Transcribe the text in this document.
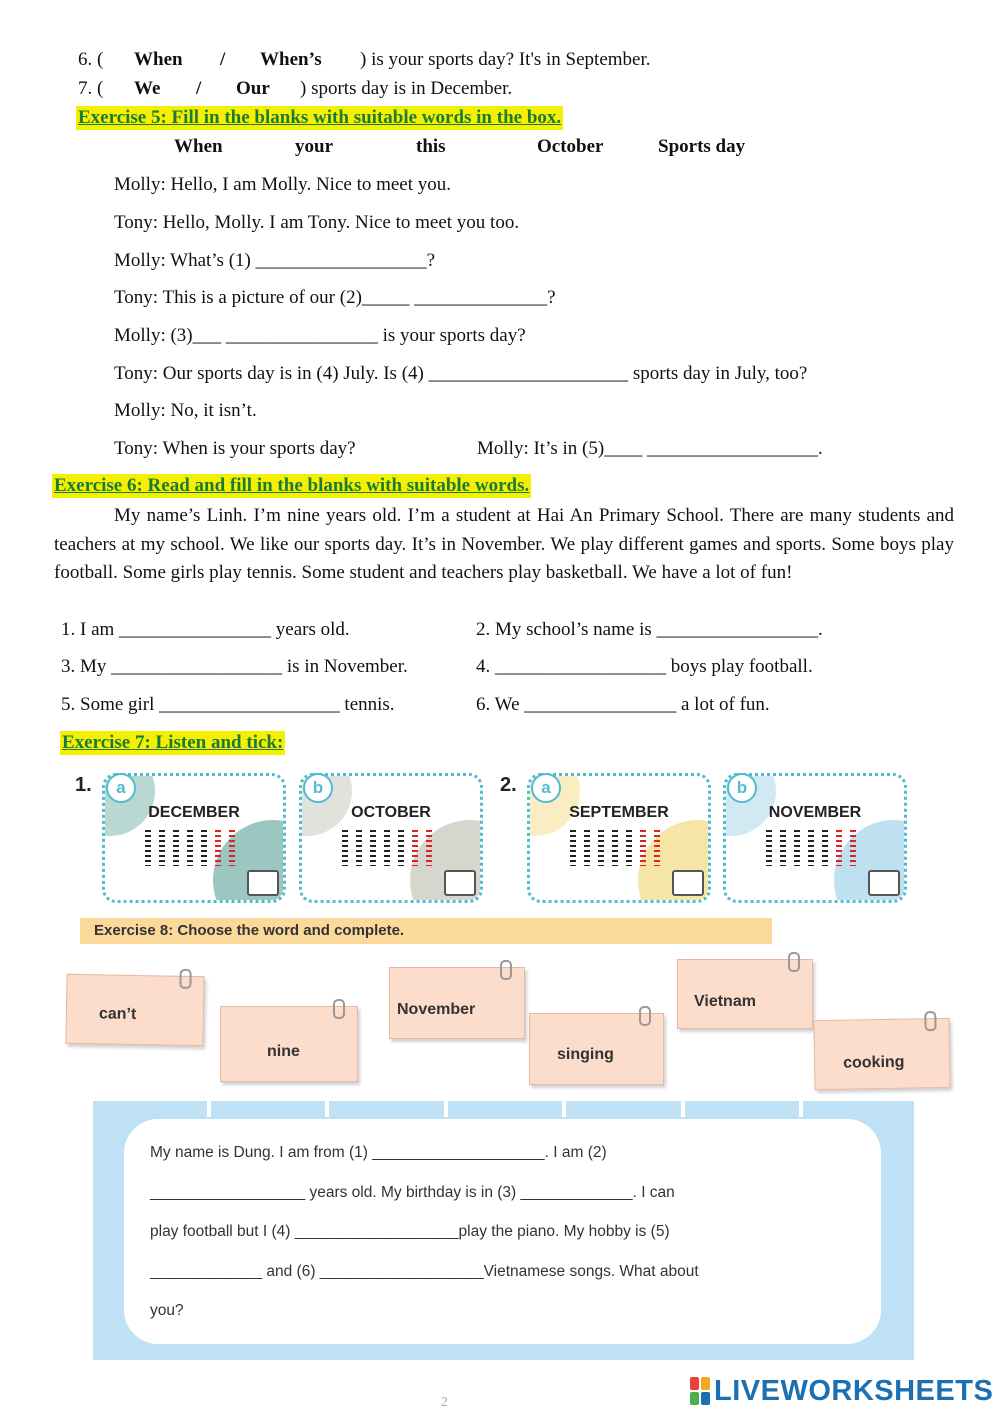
6. ( When / When’s ) is your sports day? It's in September.
7. ( We / Our ) sports day is in December.
Exercise 5: Fill in the blanks with suitable words in the box.
When	your	this	October	Sports day
Molly: Hello, I am Molly. Nice to meet you.
Tony: Hello, Molly. I am Tony. Nice to meet you too.
Molly: What’s (1) __________________?
Tony: This is a picture of our (2)_____ ______________?
Molly: (3)___ ________________ is your sports day?
Tony: Our sports day is in (4) July. Is (4) _____________________ sports day in July, too?
Molly: No, it isn’t.
Tony: When is your sports day?	Molly: It’s in (5)____ __________________.
Exercise 6: Read and fill in the blanks with suitable words.

My name’s Linh. I’m nine years old. I’m a student at Hai An Primary School. There are many students and teachers at my school. We like our sports day. It’s in November. We play different games and sports. Some boys play football. Some girls play tennis. Some student and teachers play basketball. We have a lot of fun!

1. I am ________________ years old.	2. My school’s name is _________________.
3. My __________________ is in November.	4. __________________ boys play football.
5. Some girl ___________________ tennis.	6. We ________________ a lot of fun.
Exercise 7: Listen and tick:
1.	2.
DECEMBER
a
OCTOBER
b
SEPTEMBER
a
NOVEMBER
b
Exercise 8: Choose the word and complete.
can’t
nine
November
singing
Vietnam
cooking
My name is Dung. I am from (1) ____________________. I am (2)
__________________ years old. My birthday is in (3) _____________. I can
play football but I (4) ___________________play the piano. My hobby is (5)
_____________ and (6) ___________________Vietnamese songs. What about
you?
2	LIVEWORKSHEETS
